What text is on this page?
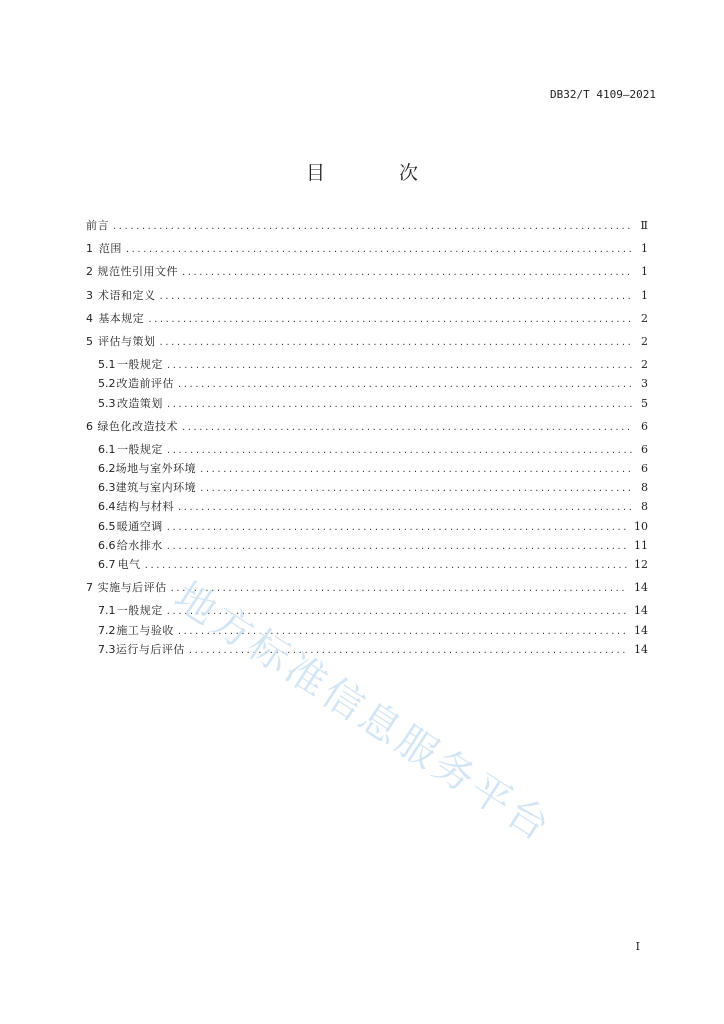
DB32/T 4109—2021
目 次
前言 .....	Ⅱ
1 范围 .....	1
2 规范性引用文件 .....	1
3 术语和定义 .....	1
4 基本规定 .....	2
5 评估与策划 .....	2
5.1 一般规定 .....	2
5.2 改造前评估 .....	3
5.3 改造策划 .....	5
6 绿色化改造技术 .....	6
6.1 一般规定 .....	6
6.2 场地与室外环境 .....	6
6.3 建筑与室内环境 .....	8
6.4 结构与材料 .....	8
6.5 暖通空调 .....	10
6.6 给水排水 .....	11
6.7 电气 .....	12
7 实施与后评估 .....	14
7.1 一般规定 .....	14
7.2 施工与验收 .....	14
7.3 运行与后评估 .....	14
地方标准信息服务平台
I
